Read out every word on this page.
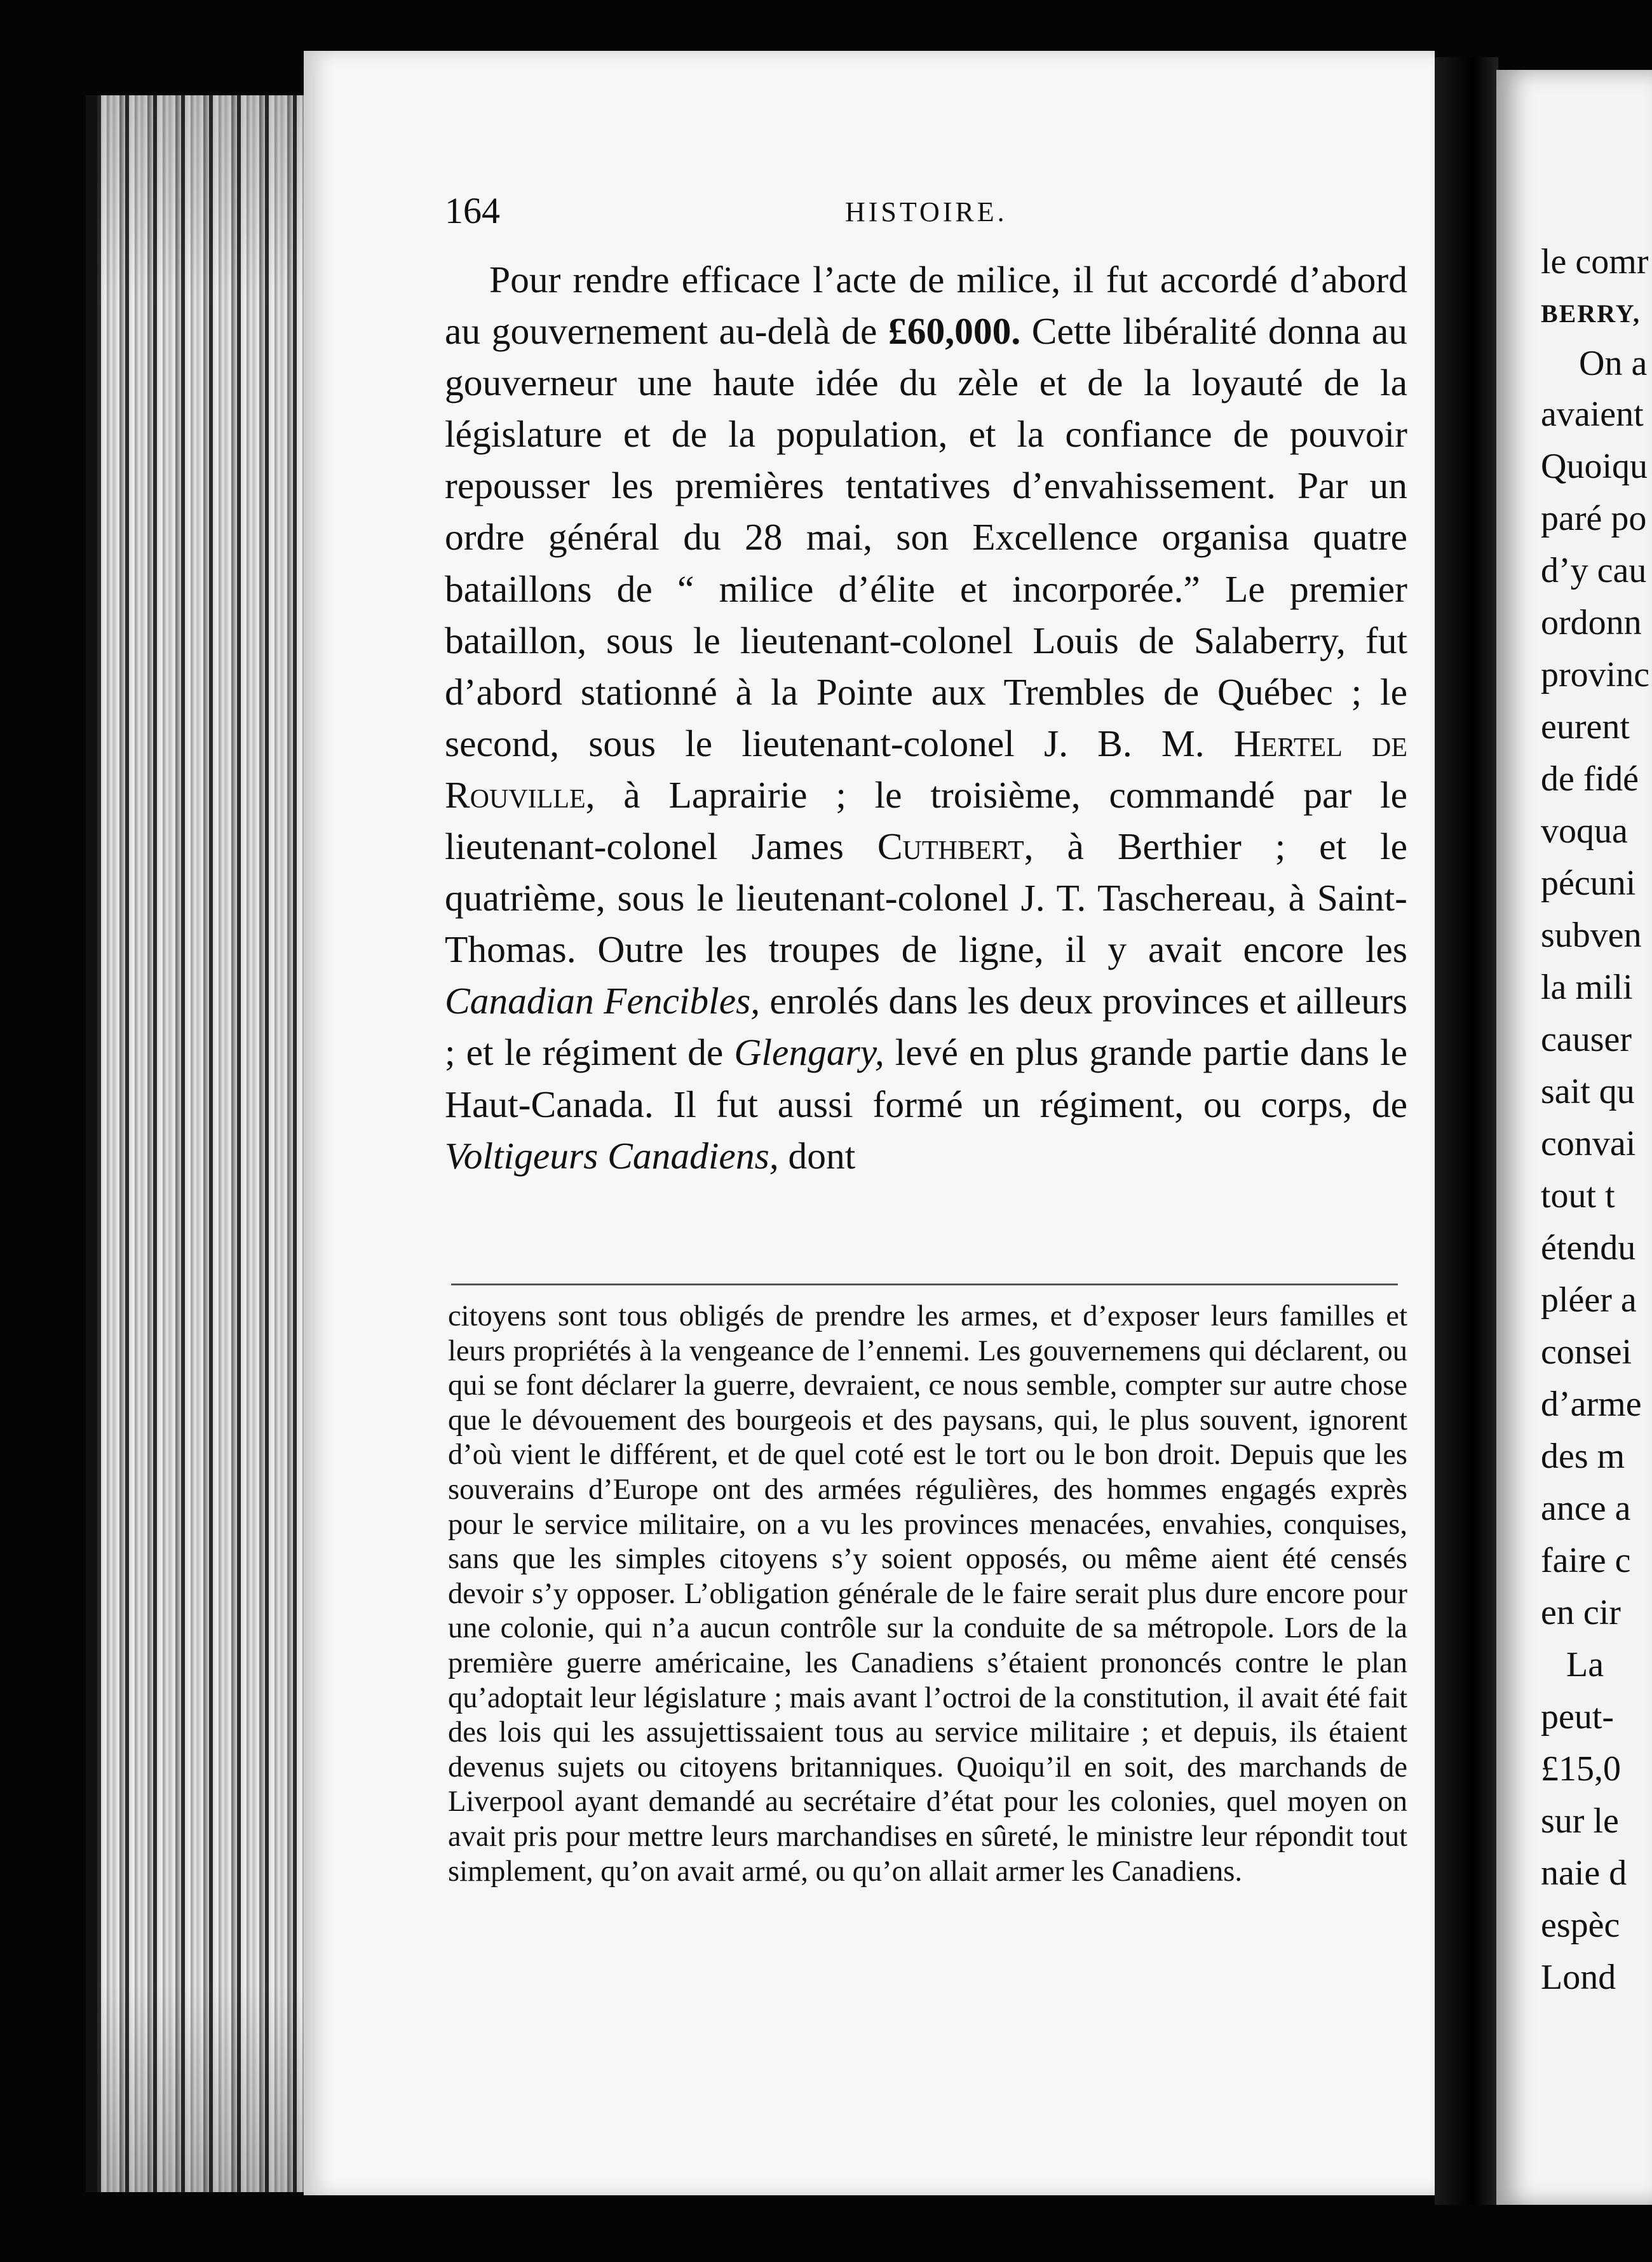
le comr
BERRY,
On a
avaient
Quoiqu
paré po
d’y cau
ordonn
provinc
eurent
de fidé
voqua
pécuni
subven
la mili
causer
sait qu
convai
tout t
étendu
pléer a
consei
d’arme
des m
ance a
faire c
en cir
La
peut-
£15,0
sur le
naie d
espèc
Lond
164	HISTOIRE.

Pour rendre efficace l’acte de milice, il fut accordé d’abord au gouvernement au-delà de £60,000. Cette libéralité donna au gouverneur une haute idée du zèle et de la loyauté de la législature et de la population, et la confiance de pouvoir repousser les premières tentatives d’envahissement. Par un ordre général du 28 mai, son Excellence organisa quatre bataillons de “ milice d’élite et incorporée.” Le premier bataillon, sous le lieutenant-colonel Louis de Salaberry, fut d’abord stationné à la Pointe aux Trembles de Québec ; le second, sous le lieutenant-colonel J. B. M. Hertel de Rouville, à Laprairie ; le troisième, commandé par le lieutenant-colonel James Cuthbert, à Berthier ; et le quatrième, sous le lieutenant-colonel J. T. Taschereau, à Saint-Thomas. Outre les troupes de ligne, il y avait encore les Canadian Fencibles, enrolés dans les deux provinces et ailleurs ; et le régiment de Glengary, levé en plus grande partie dans le Haut-Canada. Il fut aussi formé un régiment, ou corps, de Voltigeurs Canadiens, dont

citoyens sont tous obligés de prendre les armes, et d’exposer leurs familles et leurs propriétés à la vengeance de l’ennemi. Les gouvernemens qui déclarent, ou qui se font déclarer la guerre, devraient, ce nous semble, compter sur autre chose que le dévouement des bourgeois et des paysans, qui, le plus souvent, ignorent d’où vient le différent, et de quel coté est le tort ou le bon droit. Depuis que les souverains d’Europe ont des armées régulières, des hommes engagés exprès pour le service militaire, on a vu les provinces menacées, envahies, conquises, sans que les simples citoyens s’y soient opposés, ou même aient été censés devoir s’y opposer. L’obligation générale de le faire serait plus dure encore pour une colonie, qui n’a aucun contrôle sur la conduite de sa métropole. Lors de la première guerre américaine, les Canadiens s’étaient prononcés contre le plan qu’adoptait leur législature ; mais avant l’octroi de la constitution, il avait été fait des lois qui les assujettissaient tous au service militaire ; et depuis, ils étaient devenus sujets ou citoyens britanniques. Quoiqu’il en soit, des marchands de Liverpool ayant demandé au secrétaire d’état pour les colonies, quel moyen on avait pris pour mettre leurs marchandises en sûreté, le ministre leur répondit tout simplement, qu’on avait armé, ou qu’on allait armer les Canadiens.
